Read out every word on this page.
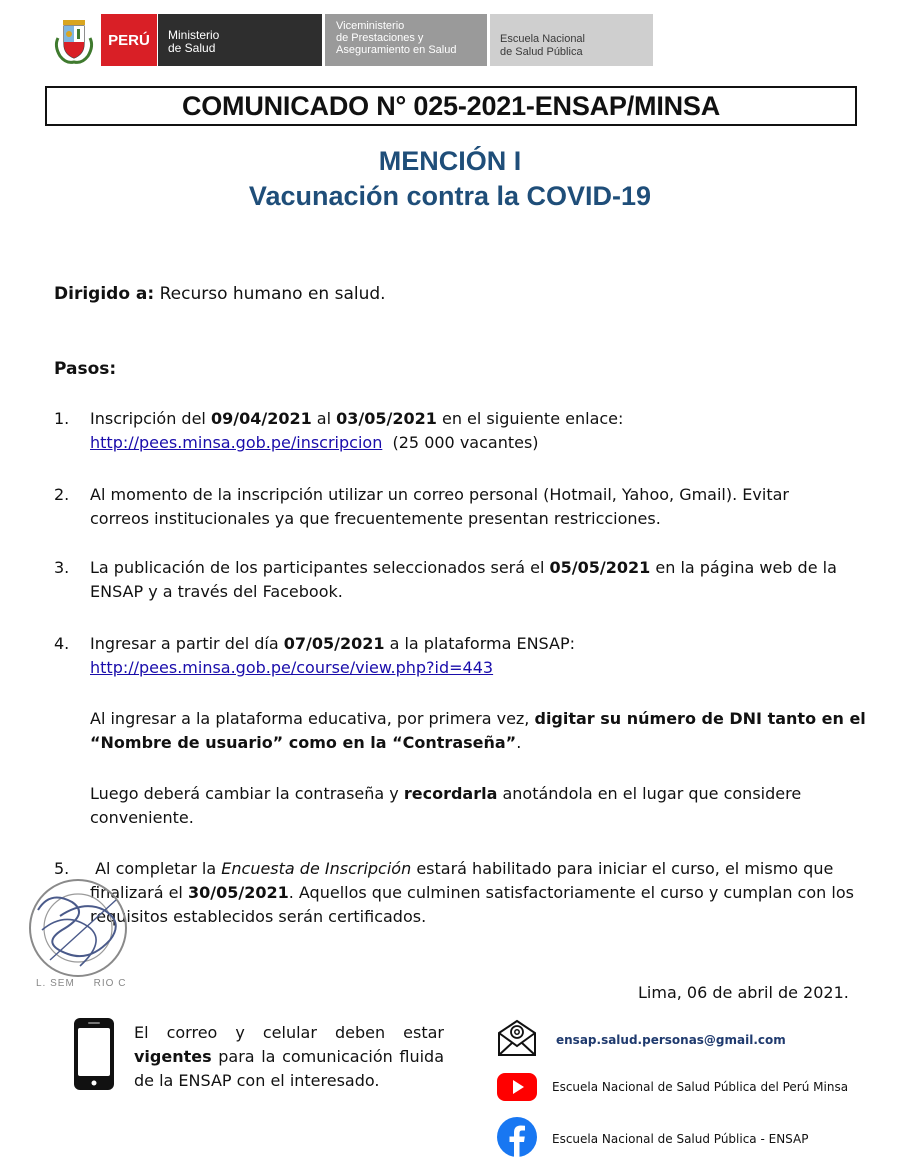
PERÚ Ministerio
de Salud
Viceministerio
de Prestaciones y
Aseguramiento en Salud
Escuela Nacional
de Salud Pública
COMUNICADO N° 025-2021-ENSAP/MINSA
MENCIÓN I
Vacunación contra la COVID-19
Dirigido a: Recurso humano en salud.
Pasos:
1. Inscripción del 09/04/2021 al 03/05/2021 en el siguiente enlace:
http://pees.minsa.gob.pe/inscripcion  (25 000 vacantes)
2. Al momento de la inscripción utilizar un correo personal (Hotmail, Yahoo, Gmail). Evitar
correos institucionales ya que frecuentemente presentan restricciones.
3. La publicación de los participantes seleccionados será el 05/05/2021 en la página web de la
ENSAP y a través del Facebook.
4. Ingresar a partir del día 07/05/2021 a la plataforma ENSAP:
http://pees.minsa.gob.pe/course/view.php?id=443
Al ingresar a la plataforma educativa, por primera vez, digitar su número de DNI tanto en el
“Nombre de usuario” como en la “Contraseña”.
Luego deberá cambiar la contraseña y recordarla anotándola en el lugar que considere
conveniente.
5. Al completar la Encuesta de Inscripción estará habilitado para iniciar el curso, el mismo que
finalizará el 30/05/2021. Aquellos que culminen satisfactoriamente el curso y cumplan con los
requisitos establecidos serán certificados.
L. SEM     RIO C	Lima, 06 de abril de 2021.
El correo y celular deben estar vigentes para la comunicación fluida de la ENSAP con el interesado.
ensap.salud.personas@gmail.com
Escuela Nacional de Salud Pública del Perú Minsa
Escuela Nacional de Salud Pública - ENSAP
